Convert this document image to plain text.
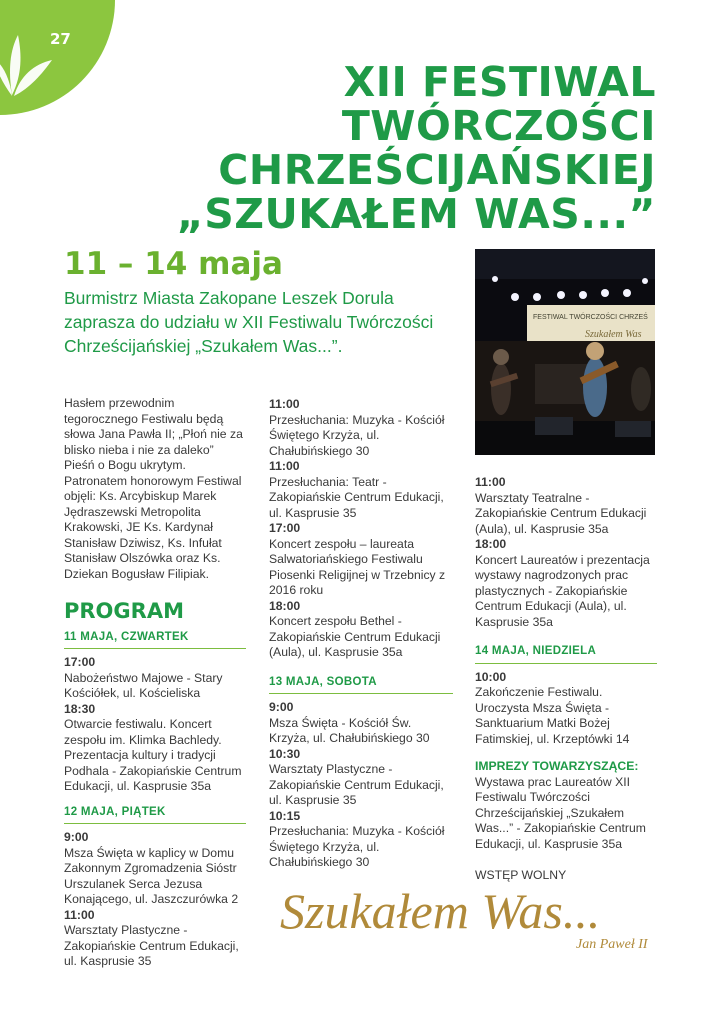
27
XII FESTIWAL
TWÓRCZOŚCI
CHRZEŚCIJAŃSKIEJ
„SZUKAŁEM WAS...”
11 – 14 maja
Burmistrz Miasta Zakopane Leszek Dorula zaprasza do udziału w XII Festiwalu Twórczości Chrześcijańskiej „Szukałem Was...”.
FESTIWAL TWÓRCZOŚCI CHRZEŚ
Szukałem Was

Hasłem przewodnim tegorocznego Festiwalu będą słowa Jana Pawła II; „Płoń nie za blisko nieba i nie za daleko” Pieśń o Bogu ukrytym. Patronatem honorowym Festiwal objęli: Ks. Arcybiskup Marek Jędraszewski Metropolita Krakowski, JE Ks. Kardynał Stanisław Dziwisz, Ks. Infułat Stanisław Olszówka oraz Ks. Dziekan Bogusław Filipiak.

PROGRAM
11 MAJA, CZWARTEK

17:00

Nabożeństwo Majowe - Stary Kościółek, ul. Kościeliska

18:30

Otwarcie festiwalu. Koncert zespołu im. Klimka Bachledy. Prezentacja kultury i tradycji Podhala - Zakopiańskie Centrum Edukacji, ul. Kasprusie 35a

12 MAJA, PIĄTEK

9:00

Msza Święta w kaplicy w Domu Zakonnym Zgromadzenia Sióstr Urszulanek Serca Jezusa Konającego, ul. Jaszczurówka 2

11:00

Warsztaty Plastyczne - Zakopiańskie Centrum Edukacji, ul. Kasprusie 35

11:00

Przesłuchania: Muzyka - Kościół Świętego Krzyża, ul. Chałubińskiego 30

11:00

Przesłuchania: Teatr - Zakopiańskie Centrum Edukacji, ul. Kasprusie 35

17:00

Koncert zespołu – laureata Salwatoriańskiego Festiwalu Piosenki Religijnej w Trzebnicy z 2016 roku

18:00

Koncert zespołu Bethel - Zakopiańskie Centrum Edukacji (Aula), ul. Kasprusie 35a

13 MAJA, SOBOTA

9:00

Msza Święta - Kościół Św. Krzyża, ul. Chałubińskiego 30

10:30

Warsztaty Plastyczne - Zakopiańskie Centrum Edukacji, ul. Kasprusie 35

10:15

Przesłuchania: Muzyka - Kościół Świętego Krzyża, ul. Chałubińskiego 30

11:00

Warsztaty Teatralne - Zakopiańskie Centrum Edukacji (Aula), ul. Kasprusie 35a

18:00

Koncert Laureatów i prezentacja wystawy nagrodzonych prac plastycznych - Zakopiańskie Centrum Edukacji (Aula), ul. Kasprusie 35a

14 MAJA, NIEDZIELA

10:00

Zakończenie Festiwalu. Uroczysta Msza Święta - Sanktuarium Matki Bożej Fatimskiej, ul. Krzeptówki 14

IMPREZY TOWARZYSZĄCE:

Wystawa prac Laureatów XII Festiwalu Twórczości Chrześcijańskiej „Szukałem Was...” - Zakopiańskie Centrum Edukacji, ul. Kasprusie 35a

WSTĘP WOLNY

Szukałem Was...
Jan Paweł II
